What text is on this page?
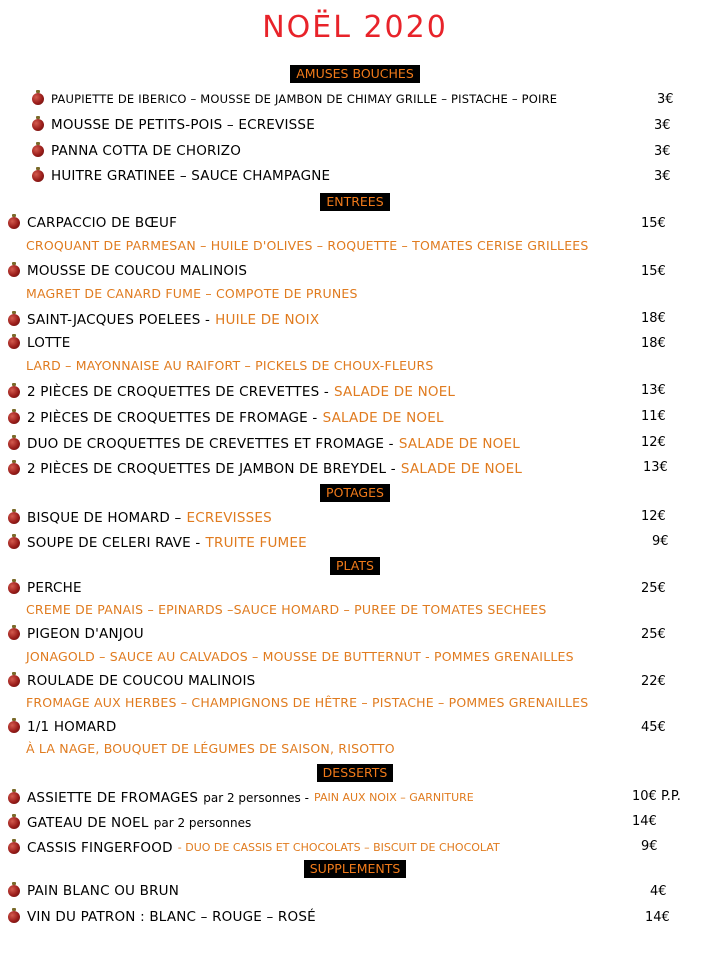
NOËL 2020
AMUSES BOUCHES
PAUPIETTE DE IBERICO – MOUSSE DE JAMBON DE CHIMAY GRILLE – PISTACHE – POIRE	3€
MOUSSE DE PETITS-POIS – ECREVISSE	3€
PANNA COTTA DE CHORIZO	3€
HUITRE GRATINEE – SAUCE CHAMPAGNE	3€
ENTREES
CARPACCIO DE BŒUF	15€
CROQUANT DE PARMESAN – HUILE D'OLIVES – ROQUETTE – TOMATES CERISE GRILLEES
MOUSSE DE COUCOU MALINOIS	15€
MAGRET DE CANARD FUME – COMPOTE DE PRUNES
SAINT-JACQUES POELEES -
HUILE DE NOIX	18€
LOTTE	18€
LARD – MAYONNAISE AU RAIFORT – PICKELS DE CHOUX-FLEURS
2 PIÈCES DE CROQUETTES DE CREVETTES -
SALADE DE NOEL	13€
2 PIÈCES DE CROQUETTES DE FROMAGE -
SALADE DE NOEL	11€
DUO DE CROQUETTES DE CREVETTES ET FROMAGE -
SALADE DE NOEL	12€
2 PIÈCES DE CROQUETTES DE JAMBON DE BREYDEL -
SALADE DE NOEL	13€
POTAGES
BISQUE DE HOMARD –
ECREVISSES	12€
SOUPE DE CELERI RAVE -
TRUITE FUMEE	9€
PLATS
PERCHE	25€
CREME DE PANAIS – EPINARDS –SAUCE HOMARD – PUREE DE TOMATES SECHEES
PIGEON D'ANJOU	25€
JONAGOLD – SAUCE AU CALVADOS – MOUSSE DE BUTTERNUT - POMMES GRENAILLES
ROULADE DE COUCOU MALINOIS	22€
FROMAGE AUX HERBES – CHAMPIGNONS DE HÊTRE – PISTACHE – POMMES GRENAILLES
1/1 HOMARD	45€
À LA NAGE, BOUQUET DE LÉGUMES DE SAISON, RISOTTO
DESSERTS
ASSIETTE DE FROMAGES
par 2 personnes -
PAIN AUX NOIX – GARNITURE	10€ P.P.
GATEAU DE NOEL
par 2 personnes	14€
CASSIS FINGERFOOD
- DUO DE CASSIS ET CHOCOLATS – BISCUIT DE CHOCOLAT	9€
SUPPLEMENTS
PAIN BLANC OU BRUN	4€
VIN DU PATRON : BLANC – ROUGE – ROSÉ	14€
